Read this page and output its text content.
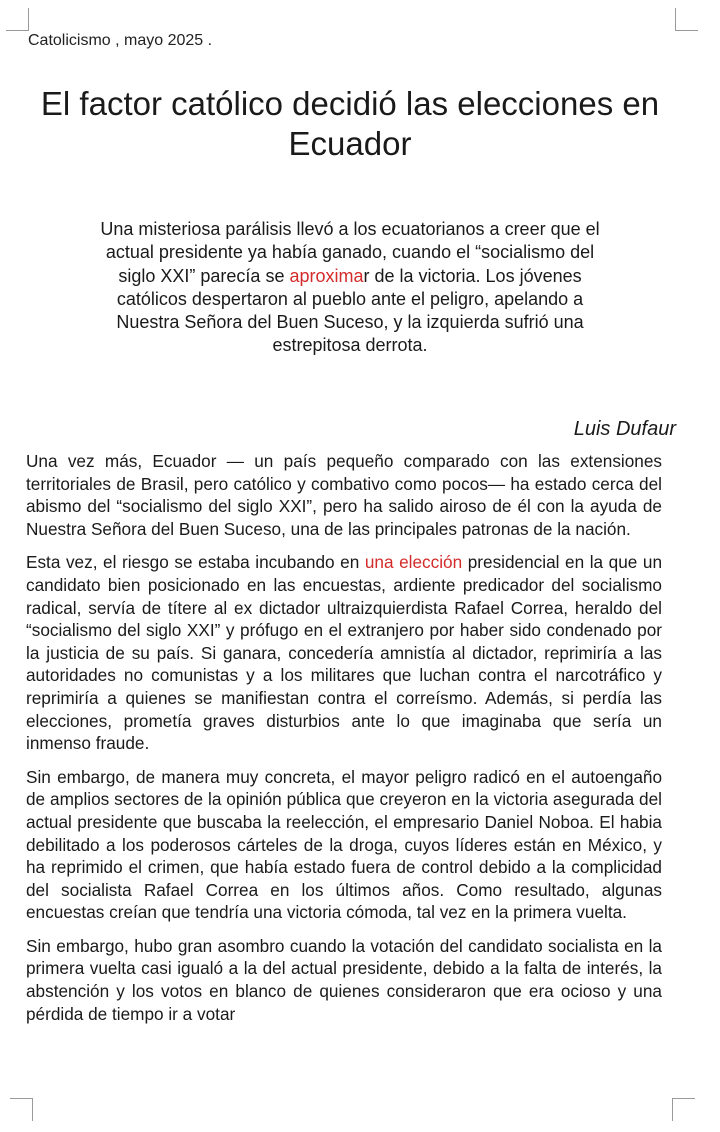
Catolicismo , mayo 2025 .
El factor católico decidió las elecciones en Ecuador
Una misteriosa parálisis llevó a los ecuatorianos a creer que el actual presidente ya había ganado, cuando el “socialismo del siglo XXI” parecía se aproximar de la victoria. Los jóvenes católicos despertaron al pueblo ante el peligro, apelando a Nuestra Señora del Buen Suceso, y la izquierda sufrió una estrepitosa derrota.
Luis Dufaur

Una vez más, Ecuador — un país pequeño comparado con las extensiones territoriales de Brasil, pero católico y combativo como pocos— ha estado cerca del abismo del “socialismo del siglo XXI”, pero ha salido airoso de él con la ayuda de Nuestra Señora del Buen Suceso, una de las principales patronas de la nación.

Esta vez, el riesgo se estaba incubando en una elección presidencial en la que un candidato bien posicionado en las encuestas, ardiente predicador del socialismo radical, servía de títere al ex dictador ultraizquierdista Rafael Correa, heraldo del “socialismo del siglo XXI” y prófugo en el extranjero por haber sido condenado por la justicia de su país. Si ganara, concedería amnistía al dictador, reprimiría a las autoridades no comunistas y a los militares que luchan contra el narcotráfico y reprimiría a quienes se manifiestan contra el correísmo. Además, si perdía las elecciones, prometía graves disturbios ante lo que imaginaba que sería un inmenso fraude.

Sin embargo, de manera muy concreta, el mayor peligro radicó en el autoengaño de amplios sectores de la opinión pública que creyeron en la victoria asegurada del actual presidente que buscaba la reelección, el empresario Daniel Noboa. El habia debilitado a los poderosos cárteles de la droga, cuyos líderes están en México, y ha reprimido el crimen, que había estado fuera de control debido a la complicidad del socialista Rafael Correa en los últimos años. Como resultado, algunas encuestas creían que tendría una victoria cómoda, tal vez en la primera vuelta.

Sin embargo, hubo gran asombro cuando la votación del candidato socialista en la primera vuelta casi igualó a la del actual presidente, debido a la falta de interés, la abstención y los votos en blanco de quienes consideraron que era ocioso y una pérdida de tiempo ir a votar
